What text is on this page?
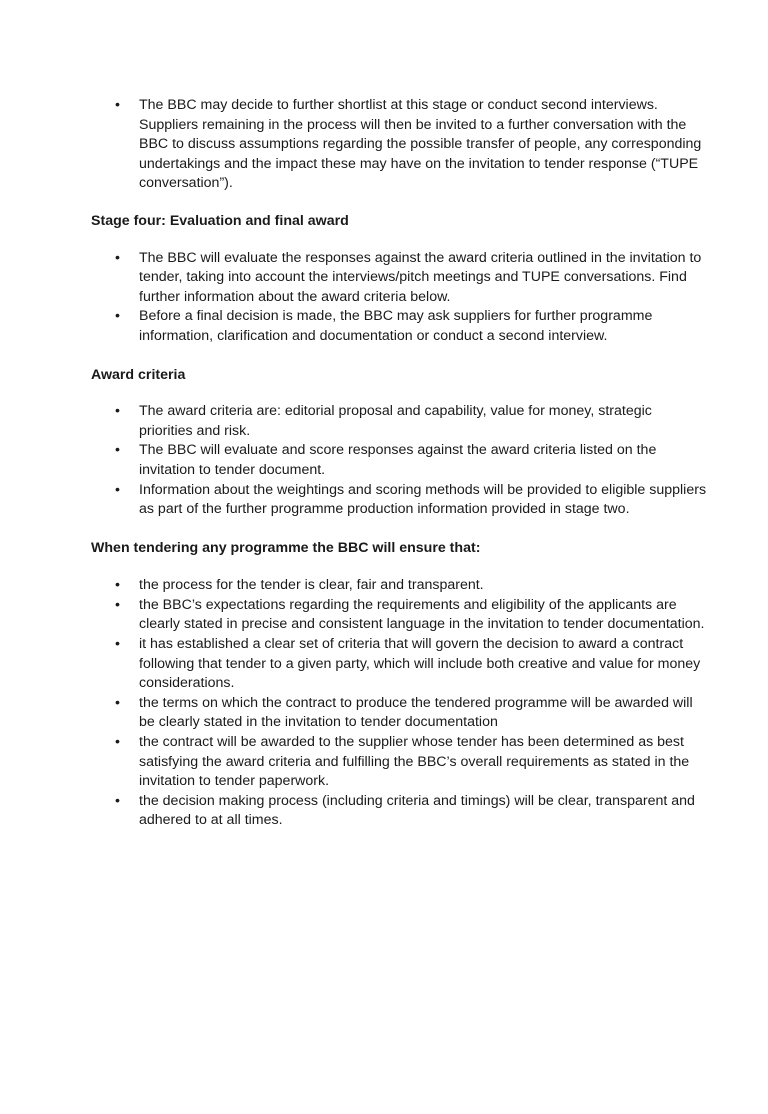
• The BBC may decide to further shortlist at this stage or conduct second interviews. Suppliers remaining in the process will then be invited to a further conversation with the BBC to discuss assumptions regarding the possible transfer of people, any corresponding undertakings and the impact these may have on the invitation to tender response (“TUPE conversation”).
Stage four: Evaluation and final award
• The BBC will evaluate the responses against the award criteria outlined in the invitation to tender, taking into account the interviews/pitch meetings and TUPE conversations. Find further information about the award criteria below.
• Before a final decision is made, the BBC may ask suppliers for further programme information, clarification and documentation or conduct a second interview.
Award criteria
• The award criteria are: editorial proposal and capability, value for money, strategic priorities and risk.
• The BBC will evaluate and score responses against the award criteria listed on the invitation to tender document.
• Information about the weightings and scoring methods will be provided to eligible suppliers as part of the further programme production information provided in stage two.
When tendering any programme the BBC will ensure that:
• the process for the tender is clear, fair and transparent.
• the BBC’s expectations regarding the requirements and eligibility of the applicants are clearly stated in precise and consistent language in the invitation to tender documentation.
• it has established a clear set of criteria that will govern the decision to award a contract following that tender to a given party, which will include both creative and value for money considerations.
• the terms on which the contract to produce the tendered programme will be awarded will be clearly stated in the invitation to tender documentation
• the contract will be awarded to the supplier whose tender has been determined as best satisfying the award criteria and fulfilling the BBC’s overall requirements as stated in the invitation to tender paperwork.
• the decision making process (including criteria and timings) will be clear, transparent and adhered to at all times.
